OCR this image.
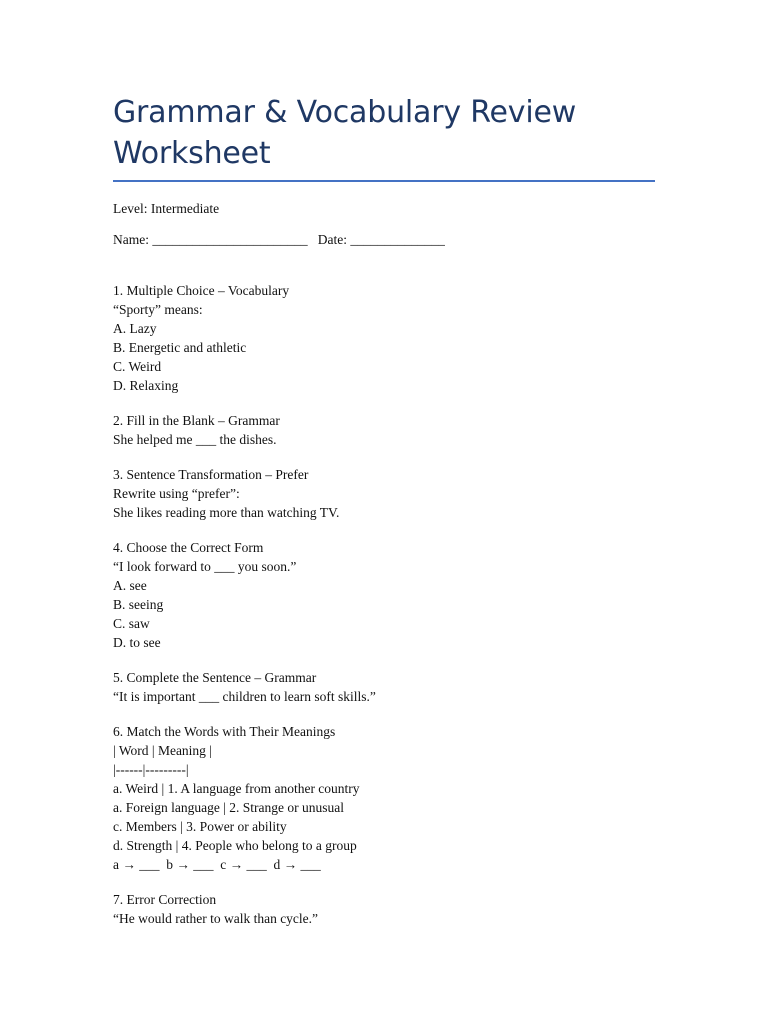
Grammar & Vocabulary Review
Worksheet

Level: Intermediate

Name: _______________________   Date: ______________

1. Multiple Choice – Vocabulary

“Sporty” means:

A. Lazy

B. Energetic and athletic

C. Weird

D. Relaxing

2. Fill in the Blank – Grammar

She helped me ___ the dishes.

3. Sentence Transformation – Prefer

Rewrite using “prefer”:

She likes reading more than watching TV.

4. Choose the Correct Form

“I look forward to ___ you soon.”

A. see

B. seeing

C. saw

D. to see

5. Complete the Sentence – Grammar

“It is important ___ children to learn soft skills.”

6. Match the Words with Their Meanings

| Word | Meaning |

|------|---------|

a. Weird | 1. A language from another country

a. Foreign language | 2. Strange or unusual

c. Members | 3. Power or ability

d. Strength | 4. People who belong to a group

a → ___  b → ___  c → ___  d → ___

7. Error Correction

“He would rather to walk than cycle.”
